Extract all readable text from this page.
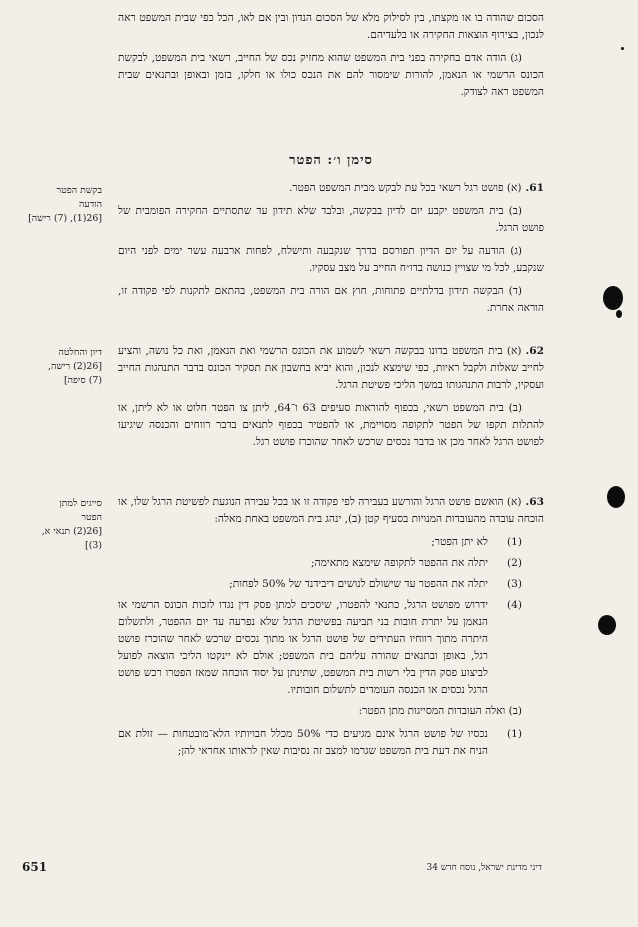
הסכום שהודה בו או מקצתו, בין לסילוק מלא של הסכום הנדון ובין אם לאו, הכל כפי שבית המשפט ראה לנכון, בצירוף הוצאות החקירה או בלעדיהם.

(ג) הודה אדם בחקירה בפני בית המשפט שהוא מחזיק נכס של החייב, רשאי בית המשפט, לבקשת הכונס הרשמי או הנאמן, להורות שימסור להם את הנכס כולו או חלקו, בזמן ובאופן ובתנאים שבית המשפט ראה לצודק.

סימן ו׳: הפטר
בקשת הפטר
הודעה
[26(1), (7) רישה]
דיון והחלטה
[26(2) רישה,
(7) סיפה]
סייגים למתן
הפטר
[26(2) תנאי א,
(3)]

61.(א) פושט רגל רשאי בכל עת לבקש מבית המשפט הפטר.

(ב) בית המשפט יקבע יום לדיון בבקשה, ובלבד שלא תידון עד שתסתיים החקירה הפומבית של פושט הרגל.

(ג) הודעה על יום הדיון תפורסם בדרך שנקבעה ותישלח, לפחות ארבעה עשר ימים לפני היום שנקבע, לכל מי שצויין כנושה בדו״ח החייב על מצב עסקיו.

(ד) הבקשה תידון בדלתיים פתוחות, חוץ אם הורה בית המשפט, בהתאם לתקנות לפי פקודה זו, הוראה אחרת.

62.(א) בית המשפט בדונו בבקשה רשאי לשמוע את הכונס הרשמי ואת הנאמן, ואת כל נושה, והציע לחייב שאלות ולקבל ראיות, כפי שימצא לנכון, והוא יביא בחשבון את תסקיר הכונס בדבר התנהגות החייב ועסקיו, לרבות התנהגותו במשך הליכי פשיטת הרגל.

(ב) בית המשפט רשאי, בכפוף להוראות סעיפים 63 ו־64, ליתן צו הפטר חלוט או לא ליתן, או להתלות תקפו של הפטר לתקופה מסויימת, או להפטיר בכפוף לתנאים בדבר רווחים והכנסה שיגיעו לפושט הרגל לאחר מכן או בדבר נכסים שרכש לאחר שהוכרז פושט רגל.

63.(א) הואשם פושט הרגל והורשע בעבירה לפי פקודה זו או בכל עבירה הנוגעת לפשיטת הרגל שלו, או הוכחה עובדה מהעובדות המנויות בסעיף קטן (ב), ינהג בית המשפט באחת מאלה:

(1)
לא יתן הפטר;
(2)
יתלה את ההפטר לתקופה שימצא מתאימה;
(3)
יתלה את ההפטר עד שישולם לנושים דיבידנד של 50% לפחות;
(4)
ידרוש מפושט הרגל, כתנאי להפטרו, שיסכים למתן פסק דין נגדו לזכות הכונס הרשמי או הנאמן על יתרת חובות בני תביעה בפשיטת הרגל שלא נפרעה עד יום ההפטר, ולתשלום היתרה מתוך רווחיו העתידים של פושט הרגל או מתוך נכסים שרכש לאחר שהוכרז פושט רגל, באופן ובתנאים שהורה עליהם בית המשפט; אולם לא יינקטו הליכי הוצאה לפועל לביצוע פסק הדין בלי רשות בית המשפט, שתינתן על יסוד הוכחה שמאז הפטרו רכש פושט הרגל נכסים או הכנסה העומדים לתשלום חובותיו.

(ב) ואלה העובדות המסייגות מתן הפטר:

(1)
נכסיו של פושט הרגל אינם מגיעים כדי 50% מכלל חבויותיו הלא־מובטחות — זולת אם הניח את דעת בית המשפט שגרמו למצב זה נסיבות שאין לראותו אחראי להן;
651	דיני מדינת ישראל, נוסח חדש 34
